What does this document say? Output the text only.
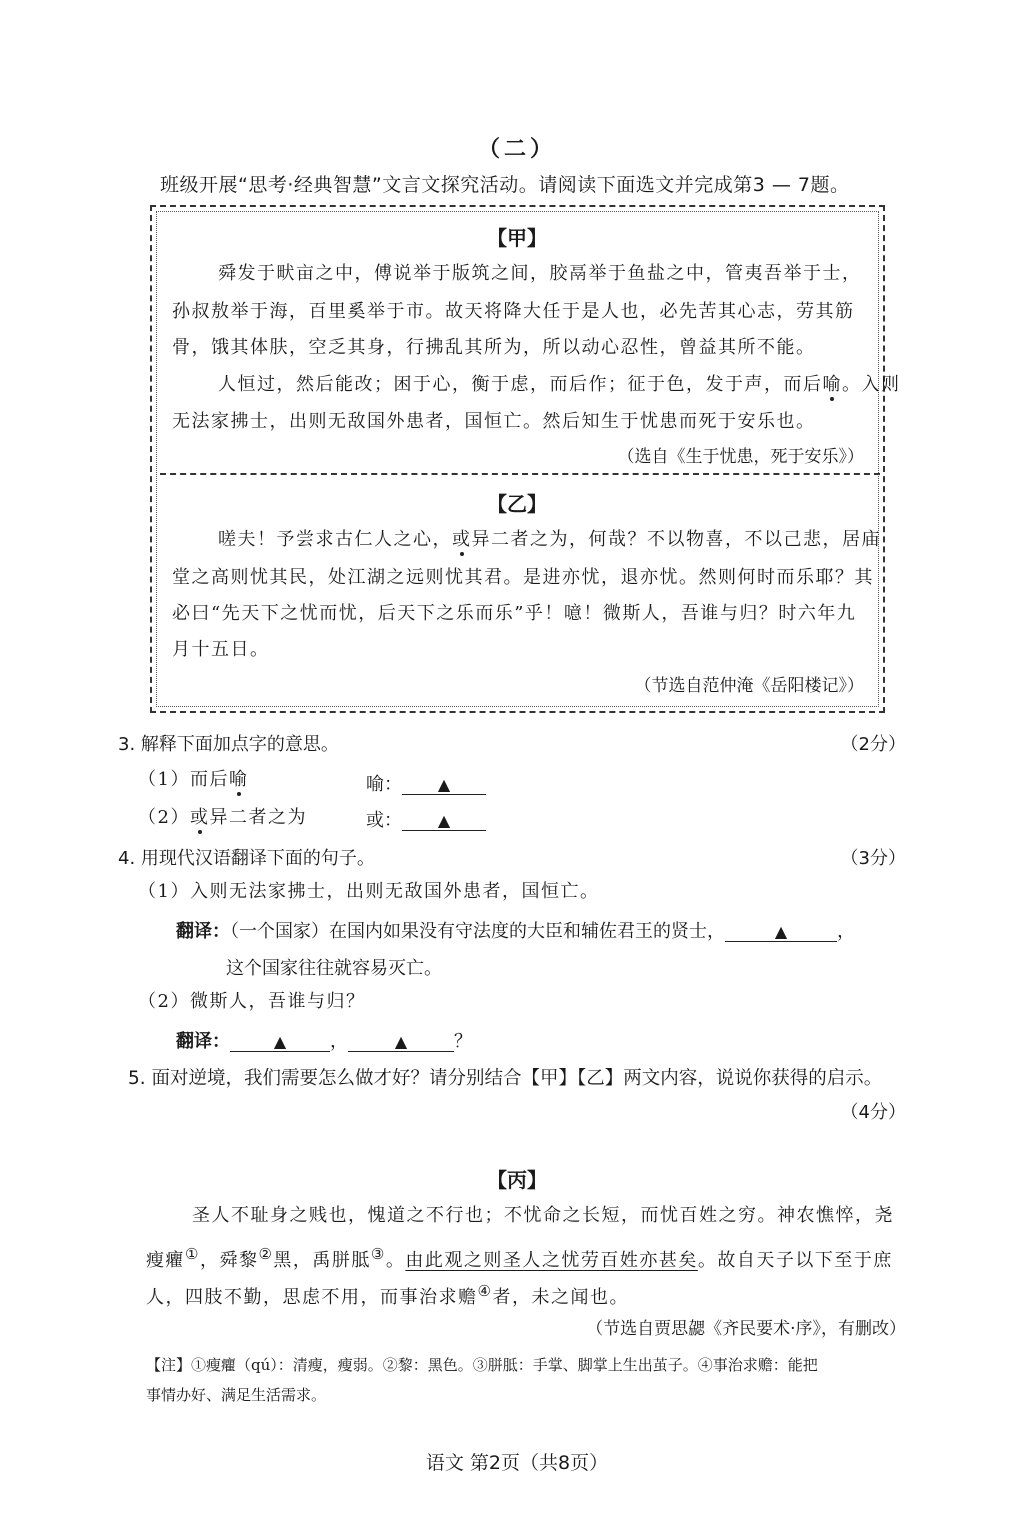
（二）
班级开展“思考·经典智慧”文言文探究活动。请阅读下面选文并完成第3 — 7题。
【甲】
舜发于畎亩之中，傅说举于版筑之间，胶鬲举于鱼盐之中，管夷吾举于士，
孙叔敖举于海，百里奚举于市。故天将降大任于是人也，必先苦其心志，劳其筋
骨，饿其体肤，空乏其身，行拂乱其所为，所以动心忍性，曾益其所不能。
人恒过，然后能改；困于心，衡于虑，而后作；征于色，发于声，而后喻。入则
无法家拂士，出则无敌国外患者，国恒亡。然后知生于忧患而死于安乐也。
（选自《生于忧患，死于安乐》）
【乙】
嗟夫！予尝求古仁人之心，或异二者之为，何哉？不以物喜，不以己悲，居庙
堂之高则忧其民，处江湖之远则忧其君。是进亦忧，退亦忧。然则何时而乐耶？其
必曰“先天下之忧而忧，后天下之乐而乐”乎！噫！微斯人，吾谁与归？时六年九
月十五日。
（节选自范仲淹《岳阳楼记》）
3. 解释下面加点字的意思。	（2分）
（1）而后喻	喻： ▲
（2）或异二者之为	或： ▲
4. 用现代汉语翻译下面的句子。	（3分）
（1）入则无法家拂士，出则无敌国外患者，国恒亡。
翻译：（一个国家）在国内如果没有守法度的大臣和辅佐君王的贤士，	▲	，
这个国家往往就容易灭亡。
（2）微斯人，吾谁与归？
翻译：	▲ ，	▲	？
5. 面对逆境，我们需要怎么做才好？请分别结合【甲】【乙】两文内容，说说你获得的启示。
（4分）
【丙】
圣人不耻身之贱也，愧道之不行也；不忧命之长短，而忧百姓之穷。神农憔悴，尧
瘦癯①，舜黎②黑，禹胼胝③。由此观之则圣人之忧劳百姓亦甚矣。故自天子以下至于庶
人，四肢不勤，思虑不用，而事治求赡④者，未之闻也。
（节选自贾思勰《齐民要术·序》，有删改）
【注】①瘦癯（qú）：清瘦，瘦弱。②黎：黑色。③胼胝：手掌、脚掌上生出茧子。④事治求赡：能把
事情办好、满足生活需求。
语文 第2页（共8页）
